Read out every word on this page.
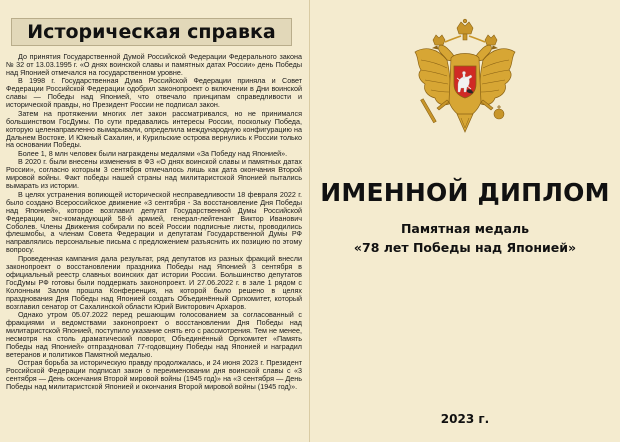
Историческая справка

До принятия Государственной Думой Российской Федерации Федерального закона № 32 от 13.03.1995 г. «О днях воинской славы и памятных датах России» день Победы над Японией отмечался на государственном уровне.

В 1998 г. Государственная Дума Российской Федерации приняла и Совет Федерации Российской Федерации одобрил законопроект о включении в Дни воинской славы — Победы над Японией, что отвечало принципам справедливости и исторической правды, но Президент России не подписал закон.

Затем на протяжении многих лет закон рассматривался, но не принимался большинством ГосДумы. По сути предавались интересы России, поскольку Победа, которую целенаправленно вымарывали, определила международную конфигурацию на Дальнем Востоке. И Южный Сахалин, и Курильские острова вернулись к России только на основании Победы.

Более 1, 8 млн человек были награждены медалями «За Победу над Японией».

В 2020 г. были внесены изменения в ФЗ «О днях воинской славы и памятных датах России», согласно которым 3 сентября отмечалось лишь как дата окончания Второй мировой войны. Факт победы нашей страны над милитаристской Японией пытались вымарать из истории.

В целях устранения вопиющей исторической несправедливости 18 февраля 2022 г. было создано Всероссийское движение «3 сентября - За восстановление Дня Победы над Японией», которое возглавил депутат Государственной Думы Российской Федерации, экс-командующий 58-й армией, генерал-лейтенант Виктор Иванович Соболев. Члены Движения собирали по всей России подписные листы, проводились флешмобы, а членам Совета Федерации и депутатам Государственной Думы РФ направлялись персональные письма с предложением разъяснить их позицию по этому вопросу.

Проведенная кампания дала результат, ряд депутатов из разных фракций внесли законопроект о восстановлении праздника Победы над Японией 3 сентября в официальный реестр славных воинских дат истории России. Большинство депутатов ГосДумы РФ готовы были поддержать законопроект. И 27.06.2022 г. в зале 1 рядом с Колонным Залом прошла Конференция, на которой было решено в целях празднования Дня Победы над Японией создать Объединённый Оргкомитет, который возглавил сенатор от Сахалинской области Юрий Викторович Архаров.

Однако утром 05.07.2022 перед решающим голосованием за согласованный с фракциями и ведомствами законопроект о восстановлении Дня Победы над милитаристской Японией, поступило указание снять его с рассмотрения. Тем не менее, несмотря на столь драматический поворот, Объединённый Оргкомитет «Память Победы над Японией» отпраздновал 77-годовщину Победы над Японией и наградил ветеранов и политиков Памятной медалью.

Острая борьба за историческую правду продолжалась, и 24 июня 2023 г. Президент Российской Федерации подписал закон о переименовании дня воинской славы с «3 сентября — День окончания Второй мировой войны (1945 год)» на «3 сентября — День Победы над милитаристской Японией и окончания Второй мировой войны (1945 год)».

ИМЕННОЙ ДИПЛОМ
Памятная медаль
«78 лет Победы над Японией»
2023 г.
